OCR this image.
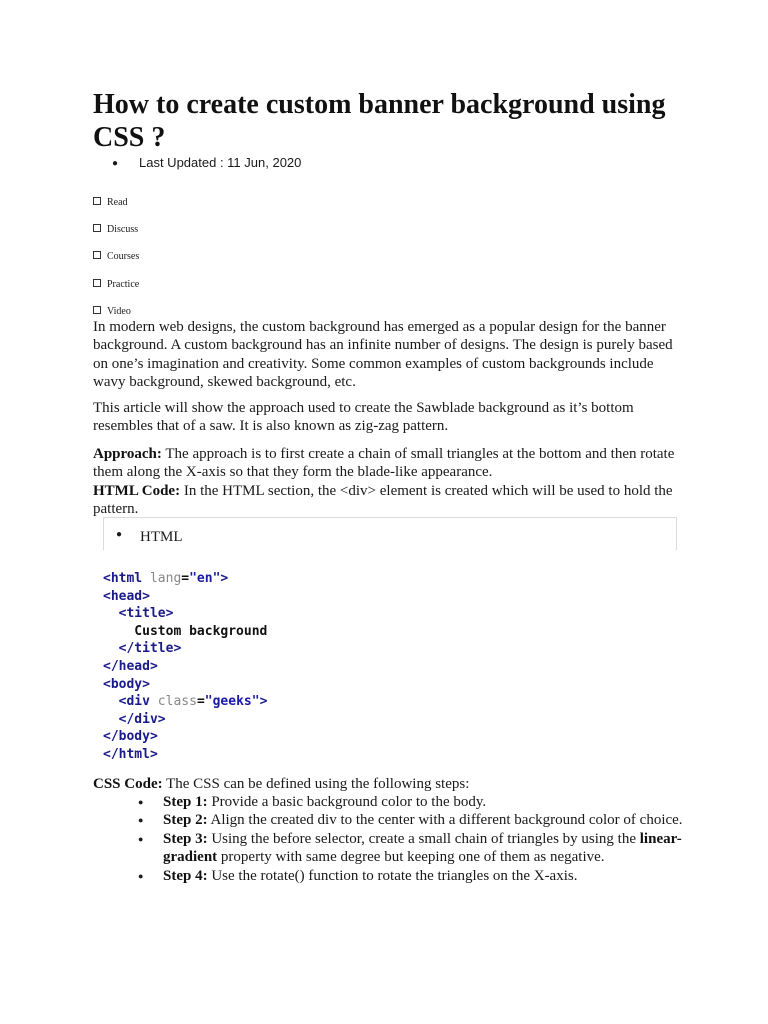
How to create custom banner background using CSS ?
● Last Updated : 11 Jun, 2020
Read
Discuss
Courses
Practice
Video
In modern web designs, the custom background has emerged as a popular design for the banner background. A custom background has an infinite number of designs. The design is purely based on one’s imagination and creativity. Some common examples of custom backgrounds include wavy background, skewed background, etc.
This article will show the approach used to create the Sawblade background as it’s bottom resembles that of a saw. It is also known as zig-zag pattern.
Approach: The approach is to first create a chain of small triangles at the bottom and then rotate them along the X-axis so that they form the blade-like appearance.
HTML Code: In the HTML section, the <div> element is created which will be used to hold the pattern.
● HTML
<html lang="en">
<head>
<title>
Custom background
</title>
</head>
<body>
<div class="geeks">
</div>
</body>
</html>
CSS Code: The CSS can be defined using the following steps:
● Step 1: Provide a basic background color to the body.
● Step 2: Align the created div to the center with a different background color of choice.
● Step 3: Using the before selector, create a small chain of triangles by using the linear-gradient property with same degree but keeping one of them as negative.
● Step 4: Use the rotate() function to rotate the triangles on the X-axis.
